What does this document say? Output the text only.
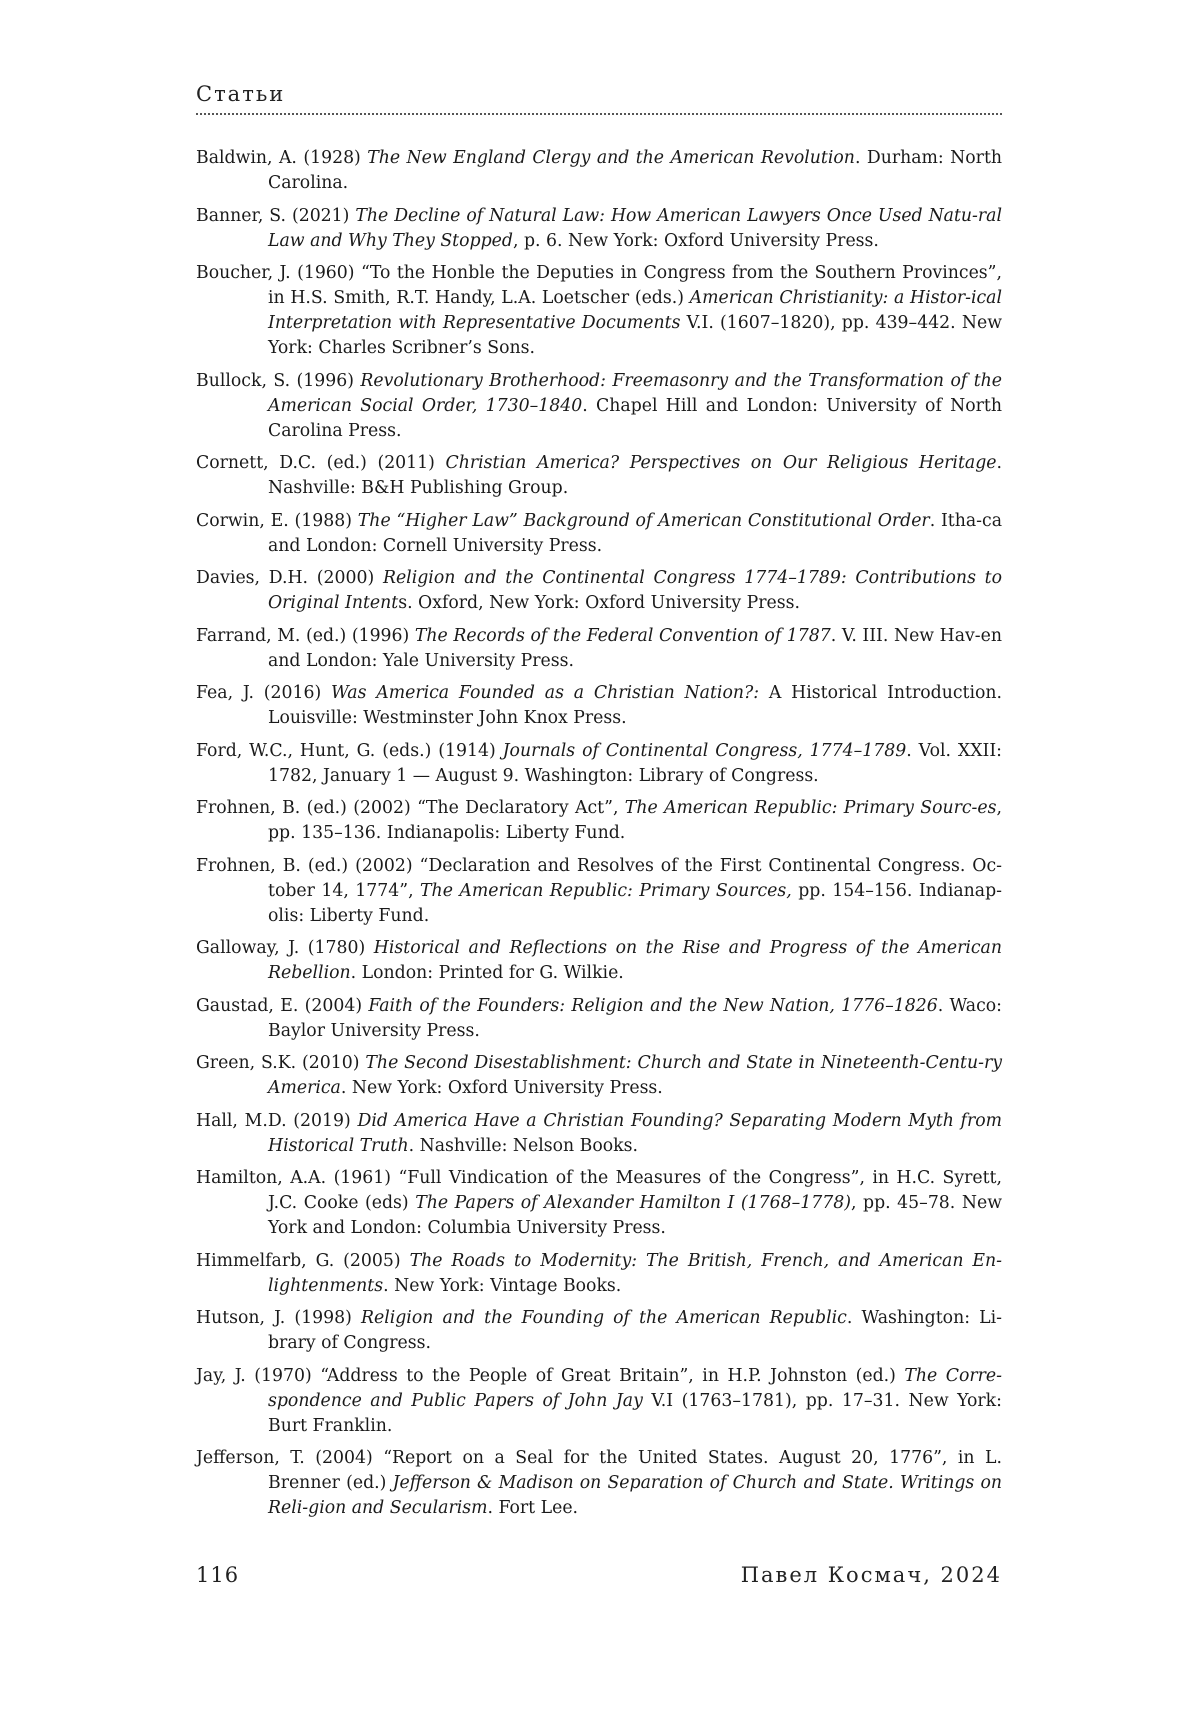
Статьи

Baldwin, A. (1928) The New England Clergy and the American Revolution. Durham: North Carolina.

Banner, S. (2021) The Decline of Natural Law: How American Lawyers Once Used Natu-ral Law and Why They Stopped, p. 6. New York: Oxford University Press.

Boucher, J. (1960) “To the Honble the Deputies in Congress from the Southern Provinces”, in H.S. Smith, R.T. Handy, L.A. Loetscher (eds.) American Christianity: a Histor-ical Interpretation with Representative Documents V.I. (1607–1820), pp. 439–442. New York: Charles Scribner’s Sons.

Bullock, S. (1996) Revolutionary Brotherhood: Freemasonry and the Transformation of the American Social Order, 1730–1840. Chapel Hill and London: University of North Carolina Press.

Cornett, D.C. (ed.) (2011) Christian America? Perspectives on Our Religious Heritage. Nashville: B&H Publishing Group.

Corwin, E. (1988) The “Higher Law” Background of American Constitutional Order. Itha-ca and London: Cornell University Press.

Davies, D.H. (2000) Religion and the Continental Congress 1774–1789: Contributions to Original Intents. Oxford, New York: Oxford University Press.

Farrand, M. (ed.) (1996) The Records of the Federal Convention of 1787. V. III. New Hav-en and London: Yale University Press.

Fea, J. (2016) Was America Founded as a Christian Nation?: A Historical Introduction. Louisville: Westminster John Knox Press.

Ford, W.C., Hunt, G. (eds.) (1914) Journals of Continental Congress, 1774–1789. Vol. XXII: 1782, January 1 — August 9. Washington: Library of Congress.

Frohnen, B. (ed.) (2002) “The Declaratory Act”, The American Republic: Primary Sourc-es, pp. 135–136. Indianapolis: Liberty Fund.

Frohnen, B. (ed.) (2002) “Declaration and Resolves of the First Continental Congress. Oc-tober 14, 1774”, The American Republic: Primary Sources, pp. 154–156. Indianap-olis: Liberty Fund.

Galloway, J. (1780) Historical and Reflections on the Rise and Progress of the American Rebellion. London: Printed for G. Wilkie.

Gaustad, E. (2004) Faith of the Founders: Religion and the New Nation, 1776–1826. Waco: Baylor University Press.

Green, S.K. (2010) The Second Disestablishment: Church and State in Nineteenth-Centu-ry America. New York: Oxford University Press.

Hall, M.D. (2019) Did America Have a Christian Founding? Separating Modern Myth from Historical Truth. Nashville: Nelson Books.

Hamilton, A.A. (1961) “Full Vindication of the Measures of the Congress”, in H.C. Syrett, J.C. Cooke (eds) The Papers of Alexander Hamilton I (1768–1778), pp. 45–78. New York and London: Columbia University Press.

Himmelfarb, G. (2005) The Roads to Modernity: The British, French, and American En-lightenments. New York: Vintage Books.

Hutson, J. (1998) Religion and the Founding of the American Republic. Washington: Li-brary of Congress.

Jay, J. (1970) “Address to the People of Great Britain”, in H.P. Johnston (ed.) The Corre-spondence and Public Papers of John Jay V.I (1763–1781), pp. 17–31. New York: Burt Franklin.

Jefferson, T. (2004) “Report on a Seal for the United States. August 20, 1776”, in L. Brenner (ed.) Jefferson & Madison on Separation of Church and State. Writings on Reli-gion and Secularism. Fort Lee.

116	Павел Космач, 2024
